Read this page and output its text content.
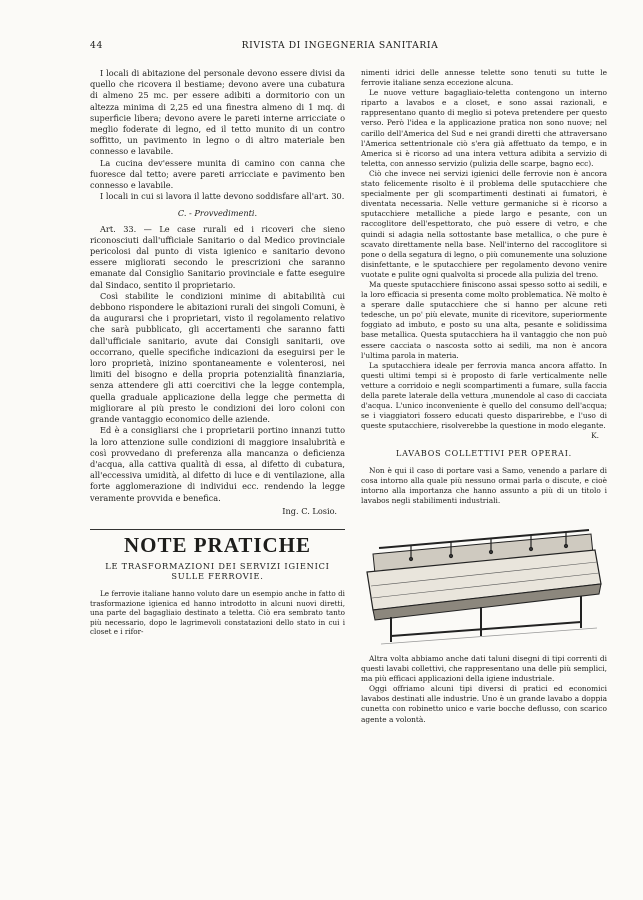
44	RIVISTA DI INGEGNERIA SANITARIA

I locali di abitazione del personale devono essere divisi da quello che ricovera il bestiame; devono avere una cubatura di almeno 25 mc. per essere adibiti a dormitorio con un altezza minima di 2,25 ed una finestra almeno di 1 mq. di superficie libera; devono avere le pareti interne arricciate o meglio foderate di legno, ed il tetto munito di un contro soffitto, un pavimento in legno o di altro materiale ben connesso e lavabile.

La cucina dev'essere munita di camino con canna che fuoresce dal tetto; avere pareti arricciate e pavimento ben connesso e lavabile.

I locali in cui si lavora il latte devono soddisfare all'art. 30.

C. - Provvedimenti.

Art. 33. — Le case rurali ed i ricoveri che sieno riconosciuti dall'ufficiale Sanitario o dal Medico provinciale pericolosi dal punto di vista igienico e sanitario devono essere migliorati secondo le prescrizioni che saranno emanate dal Consiglio Sanitario provinciale e fatte eseguire dal Sindaco, sentito il proprietario.

Così stabilite le condizioni minime di abitabilità cui debbono rispondere le abitazioni rurali dei singoli Comuni, è da augurarsi che i proprietari, visto il regolamento relativo che sarà pubblicato, gli accertamenti che saranno fatti dall'ufficiale sanitario, avute dai Consigli sanitarii, ove occorrano, quelle specifiche indicazioni da eseguirsi per le loro proprietà, inizino spontaneamente e volenterosi, nei limiti del bisogno e della propria potenzialità finanziaria, senza attendere gli atti coercitivi che la legge contempla, quella graduale applicazione della legge che permetta di migliorare al più presto le condizioni dei loro coloni con grande vantaggio economico delle aziende.

Ed è a consigliarsi che i proprietarii portino innanzi tutto la loro attenzione sulle condizioni di maggiore insalubrità e così provvedano di preferenza alla mancanza o deficienza d'acqua, alla cattiva qualità di essa, al difetto di cubatura, all'eccessiva umidità, al difetto di luce e di ventilazione, alla forte agglomerazione di individui ecc. rendendo la legge veramente provvida e benefica.

Ing. C. Losio.
NOTE PRATICHE
LE TRASFORMAZIONI DEI SERVIZI IGIENICI SULLE FERROVIE.

Le ferrovie italiane hanno voluto dare un esempio anche in fatto di trasformazione igienica ed hanno introdotto in alcuni nuovi diretti, una parte del bagagliaio destinato a teletta. Ciò era sembrato tanto più necessario, dopo le lagrimevoli constatazioni dello stato in cui i closet e i rifor-

nimenti idrici delle annesse telette sono tenuti su tutte le ferrovie italiane senza eccezione alcuna.

Le nuove vetture bagagliaio-teletta contengono un interno riparto a lavabos e a closet, e sono assai razionali, e rappresentano quanto di meglio si poteva pretendere per questo verso. Però l'idea e la applicazione pratica non sono nuove; nel carillo dell'America del Sud e nei grandi diretti che attraversano l'America settentrionale ciò s'era già affettuato da tempo, e in America si è ricorso ad una intera vettura adibita a servizio di teletta, con annesso servizio (pulizia delle scarpe, bagno ecc).

Ciò che invece nei servizi igienici delle ferrovie non è ancora stato felicemente risolto è il problema delle sputacchiere che specialmente per gli scompartimenti destinati ai fumatori, è diventata necessaria. Nelle vetture germaniche si è ricorso a sputacchiere metalliche a piede largo e pesante, con un raccoglitore dell'espettorato, che può essere di vetro, e che quindi si adagia nella sottostante base metallica, o che pure è scavato direttamente nella base. Nell'interno del raccoglitore si pone o della segatura di legno, o più comunemente una soluzione disinfettante, e le sputacchiere per regolamento devono venire vuotate e pulite ogni qualvolta si procede alla pulizia del treno.

Ma queste sputacchiere finiscono assai spesso sotto ai sedili, e la loro efficacia si presenta come molto problematica. Nè molto è a sperare dalle sputacchiere che si hanno per alcune reti tedesche, un po' più elevate, munite di ricevitore, superiormente foggiato ad imbuto, e posto su una alta, pesante e solidissima base metallica. Questa sputacchiera ha il vantaggio che non può essere cacciata o nascosta sotto ai sedili, ma non è ancora l'ultima parola in materia.

La sputacchiera ideale per ferrovia manca ancora affatto. In questi ultimi tempi si è proposto di farle verticalmente nelle vetture a corridoio e negli scompartimenti a fumare, sulla faccia della parete laterale della vettura ,munendole al caso di cacciata d'acqua. L'unico inconveniente è quello del consumo dell'acqua; se i viaggiatori fossero educati questo disparirebbe, e l'uso di queste sputacchiere, risolverebbe la questione in modo elegante.

K.
LAVABOS COLLETTIVI PER OPERAI.

Non è qui il caso di portare vasi a Samo, venendo a parlare di cosa intorno alla quale più nessuno ormai parla o discute, e cioè intorno alla importanza che hanno assunto a più di un titolo i lavabos negli stabilimenti industriali.

Altra volta abbiamo anche dati taluni disegni di tipi correnti di questi lavabi collettivi, che rappresentano una delle più semplici, ma più efficaci applicazioni della igiene industriale.

Oggi offriamo alcuni tipi diversi di pratici ed economici lavabos destinati alle industrie. Uno è un grande lavabo a doppia cunetta con robinetto unico e varie bocche deflusso, con scarico agente a volontà.
